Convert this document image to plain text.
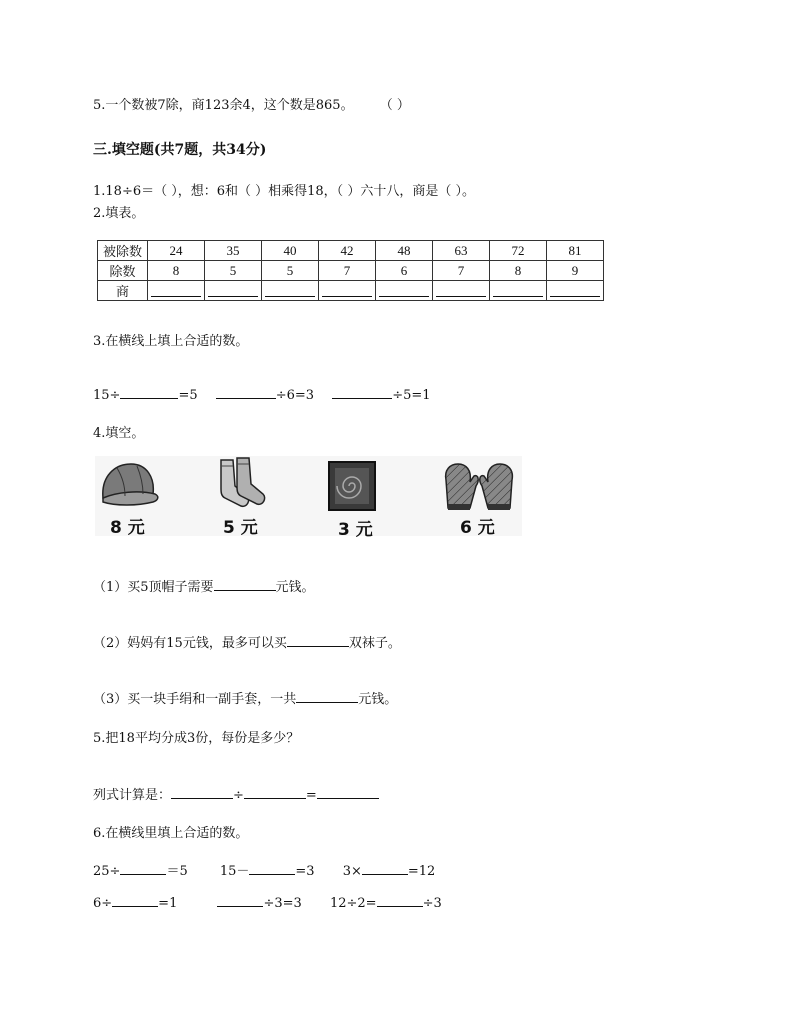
5.一个数被7除，商123余4，这个数是865。 （ ）
三.填空题(共7题，共34分)
1.18÷6＝（ ），想：6和（ ）相乘得18，（ ）六十八，商是（ ）。
2.填表。
被除数	24	35	40	42	48	63	72	81
除数	8	5	5	7	6	7	8	9
商	

3.在横线上填上合适的数。
15÷	=5	÷6=3	÷5=1
4.填空。
8 元	5 元	3 元	6 元
（1）买5顶帽子需要	元钱。
（2）妈妈有15元钱，最多可以买	双袜子。
（3）买一块手绢和一副手套，一共	元钱。
5.把18平均分成3份，每份是多少？
列式计算是：	÷	=
6.在横线里填上合适的数。
25÷	＝5 15－	=3 3×	=12
6÷	=1	÷3=3 12÷2=	÷3
